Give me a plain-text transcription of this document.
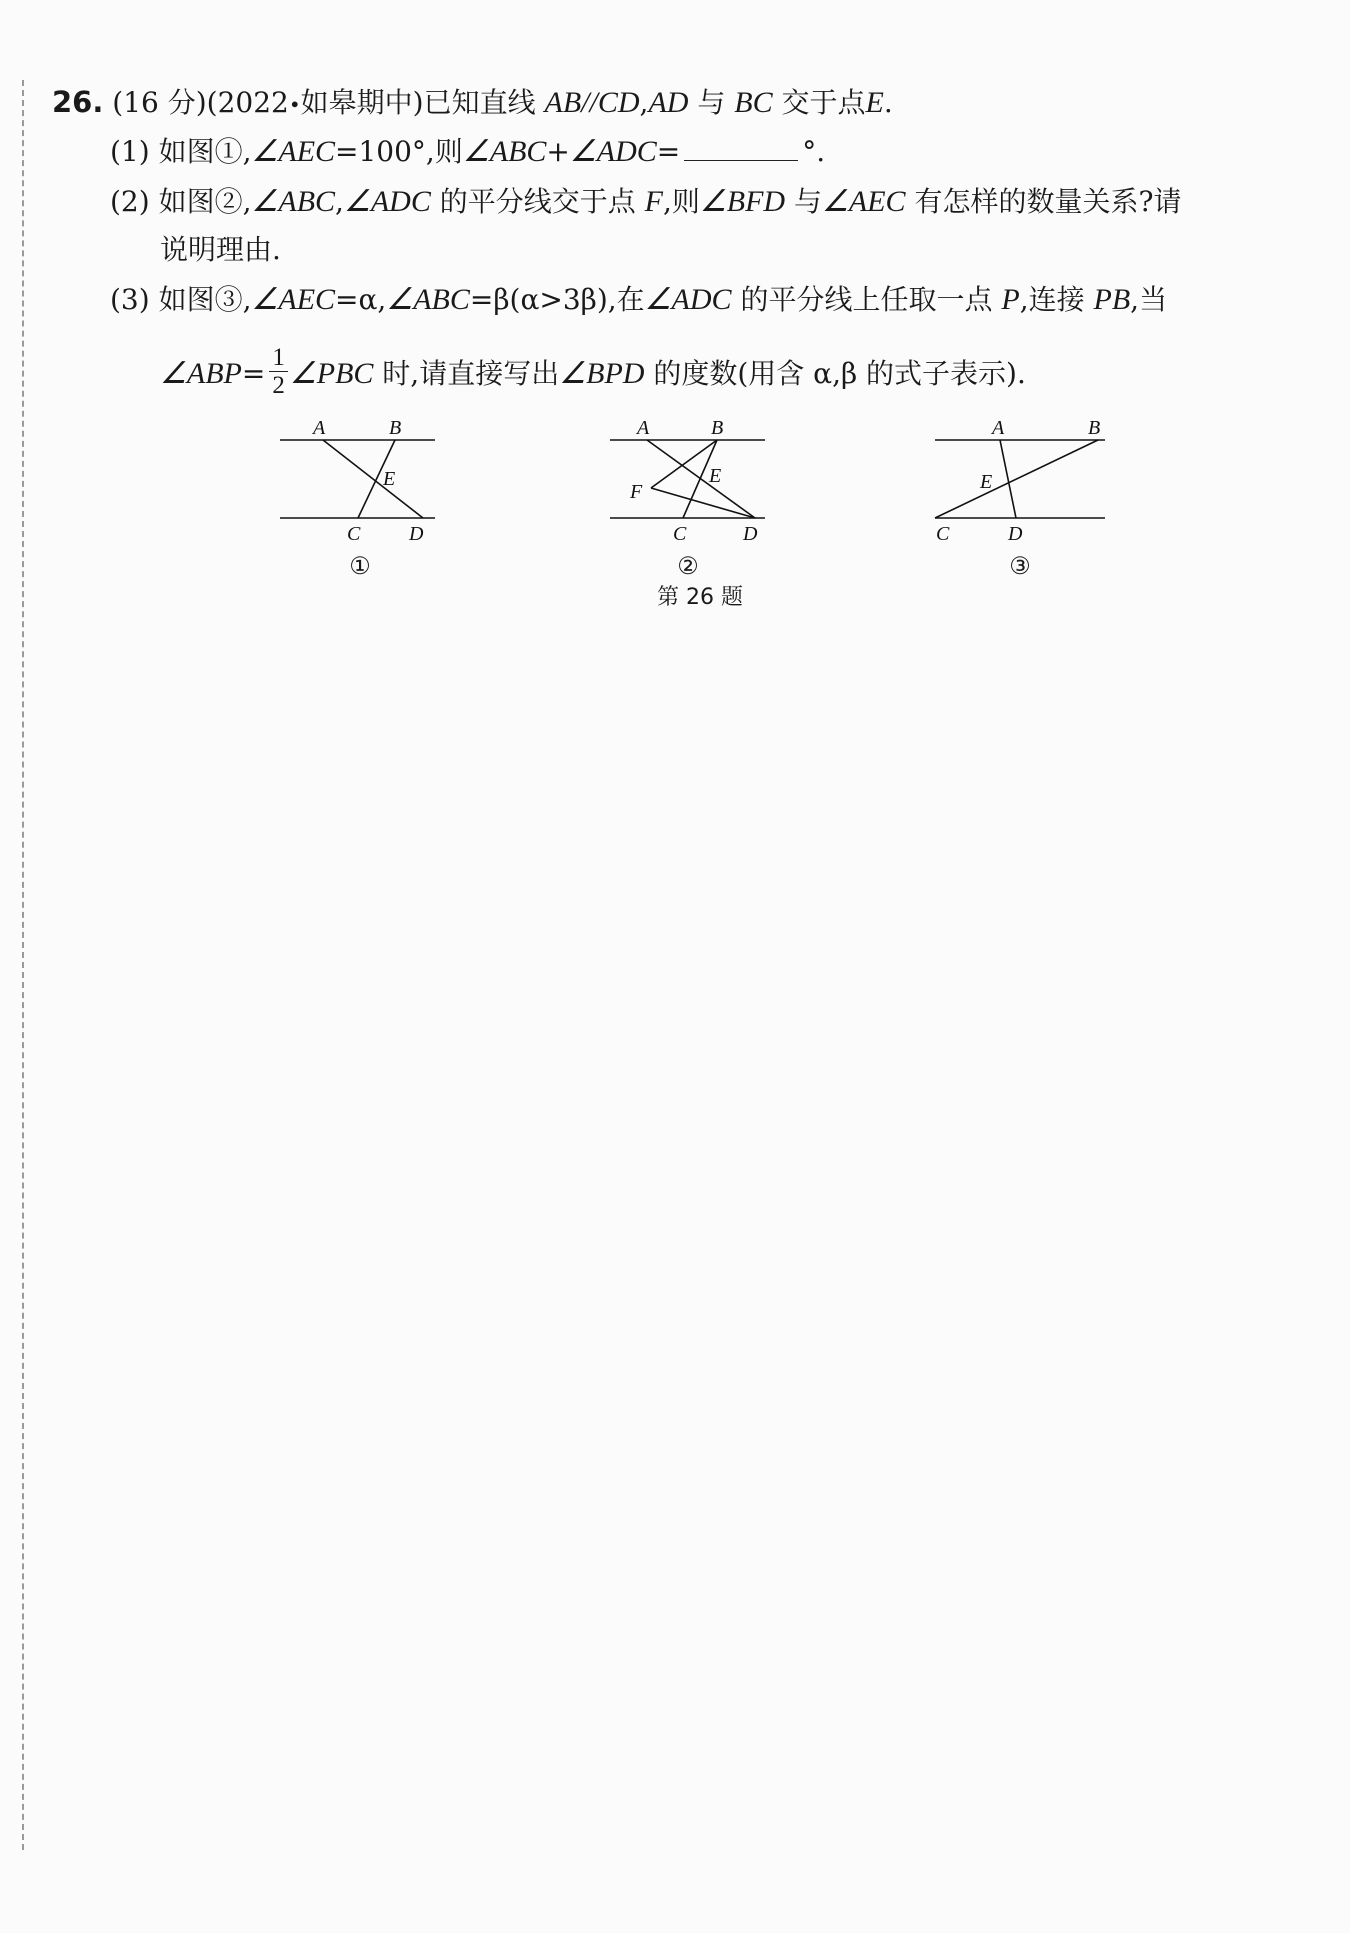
26. (16 分)(2022•如皋期中)已知直线 AB//CD,AD 与 BC 交于点E.
(1) 如图①,∠AEC=100°,则∠ABC+∠ADC=	°.
(2) 如图②,∠ABC,∠ADC 的平分线交于点 F,则∠BFD 与∠AEC 有怎样的数量关系?请
说明理由.
(3) 如图③,∠AEC=α,∠ABC=β(α>3β),在∠ADC 的平分线上任取一点 P,连接 PB,当
∠ABP= $\frac{1}{2}$ ∠PBC 时,请直接写出∠BPD 的度数(用含 α,β 的式子表示).
A	B
E
C D
①
A	B
F
E
C	D
②
A	B
E
C	D
③
第 26 题
